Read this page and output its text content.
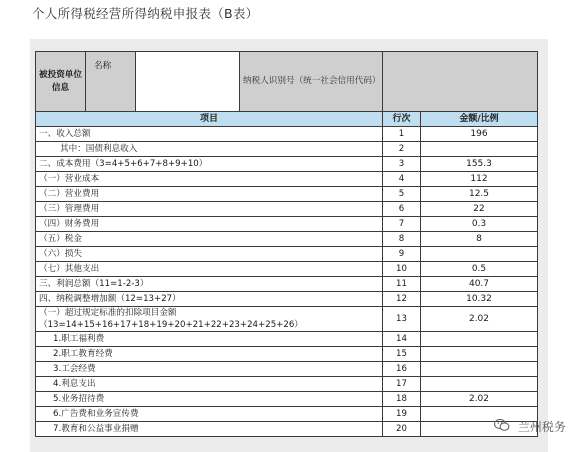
个人所得税经营所得纳税申报表（B表）
被投资单位信息	名称		纳税人识别号（统一社会信用代码）		
项目				行次	金额/比例
一、收入总额				1	196
其中：国债利息收入				2	
二、成本费用（3=4+5+6+7+8+9+10）				3	155.3
（一）营业成本				4	112
（二）营业费用				5	12.5
（三）管理费用				6	22
（四）财务费用				7	0.3
（五）税金				8	8
（六）损失				9	
（七）其他支出				10	0.5
三、利润总额（11=1-2-3）				11	40.7
四、纳税调整增加额（12=13+27）				12	10.32
（一）超过规定标准的扣除项目金额（13=14+15+16+17+18+19+20+21+22+23+24+25+26）				13	2.02
1.职工福利费				14	
2.职工教育经费				15	
3.工会经费				16	
4.利息支出				17	
5.业务招待费				18	2.02
6.广告费和业务宣传费				19	
7.教育和公益事业捐赠				20		兰州税务
